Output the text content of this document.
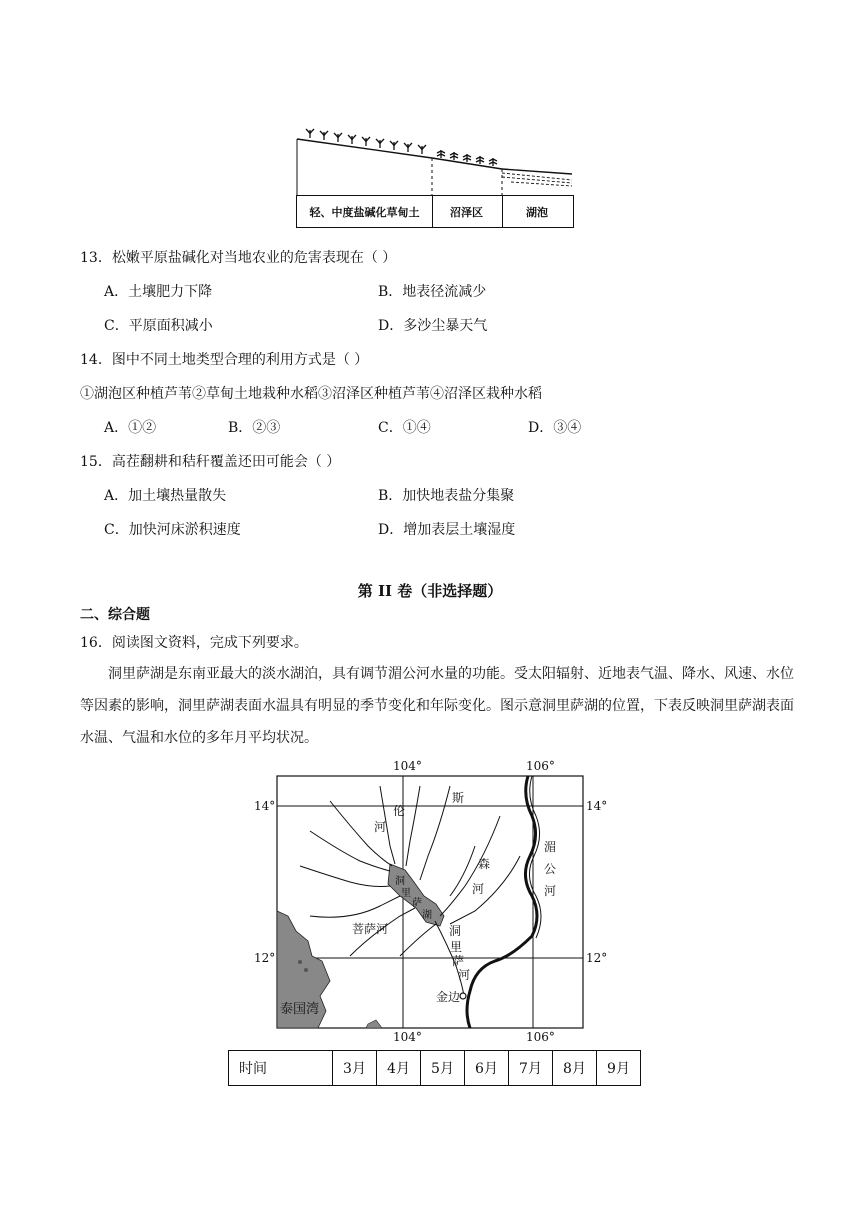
轻、中度盐碱化草甸土	沼泽区	湖泡
13．松嫩平原盐碱化对当地农业的危害表现在（ ）
A．土壤肥力下降	B．地表径流减少
C．平原面积减小	D．多沙尘暴天气
14．图中不同土地类型合理的利用方式是（ ）
①湖泡区种植芦苇②草甸土地栽种水稻③沼泽区种植芦苇④沼泽区栽种水稻
A．①②	B．②③	C．①④	D．③④
15．高茬翻耕和秸秆覆盖还田可能会（ ）
A．加土壤热量散失	B．加快地表盐分集聚
C．加快河床淤积速度	D．增加表层土壤湿度
第 II 卷（非选择题）
二、综合题
16．阅读图文资料，完成下列要求。
洞里萨湖是东南亚最大的淡水湖泊，具有调节湄公河水量的功能。受太阳辐射、近地表气温、降水、风速、水位等因素的影响，洞里萨湖表面水温具有明显的季节变化和年际变化。图示意洞里萨湖的位置，下表反映洞里萨湖表面水温、气温和水位的多年月平均状况。
104°	106°
104°	106°
14°
12°
14°
12°
斯
伦
河
森
河
湄
公
河
洞
里
萨
湖
洞
里
萨
河
菩萨河
金边
泰国湾
时间	3月	4月	5月	6月	7月	8月	9月
